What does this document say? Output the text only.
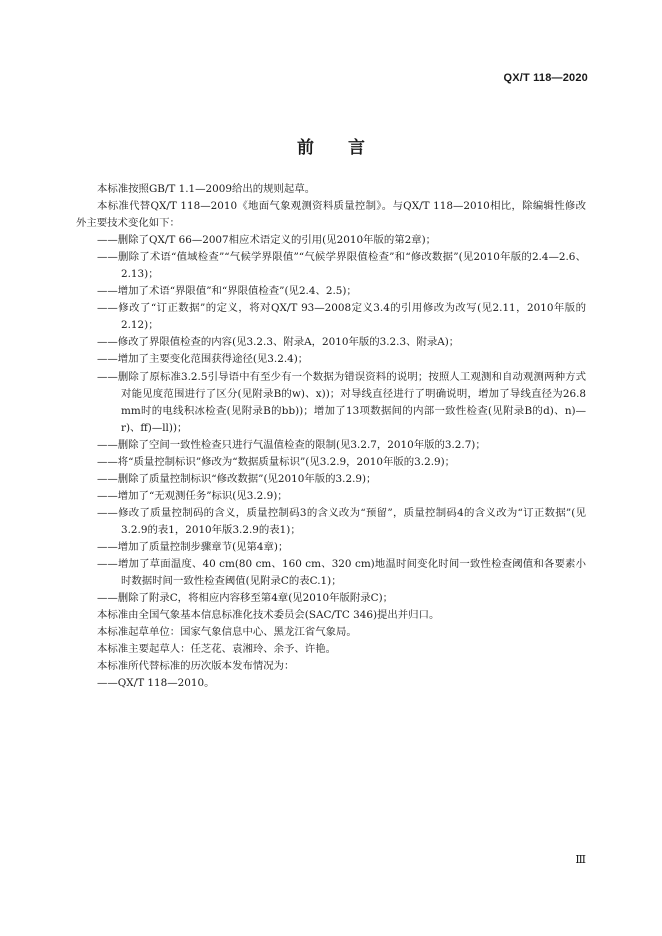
QX/T 118—2020
前言

本标准按照GB/T 1.1—2009给出的规则起草。

本标准代替QX/T 118—2010《地面气象观测资料质量控制》。与QX/T 118—2010相比，除编辑性修改外主要技术变化如下：

——删除了QX/T 66—2007相应术语定义的引用(见2010年版的第2章)；

——删除了术语“值域检查”“气候学界限值”“气候学界限值检查”和“修改数据”(见2010年版的2.4—2.6、2.13)；

——增加了术语“界限值”和“界限值检查”(见2.4、2.5)；

——修改了“订正数据”的定义，将对QX/T 93—2008定义3.4的引用修改为改写(见2.11，2010年版的2.12)；

——修改了界限值检查的内容(见3.2.3、附录A，2010年版的3.2.3、附录A)；

——增加了主要变化范围获得途径(见3.2.4)；

——删除了原标准3.2.5引导语中有至少有一个数据为错误资料的说明；按照人工观测和自动观测两种方式对能见度范围进行了区分(见附录B的w)、x))；对导线直径进行了明确说明，增加了导线直径为26.8 mm时的电线积冰检查(见附录B的bb))；增加了13项数据间的内部一致性检查(见附录B的d)、n)—r)、ff)—ll))；

——删除了空间一致性检查只进行气温值检查的限制(见3.2.7，2010年版的3.2.7)；

——将“质量控制标识”修改为“数据质量标识”(见3.2.9，2010年版的3.2.9)；

——删除了质量控制标识“修改数据”(见2010年版的3.2.9)；

——增加了“无观测任务”标识(见3.2.9)；

——修改了质量控制码的含义，质量控制码3的含义改为“预留”，质量控制码4的含义改为“订正数据”(见3.2.9的表1，2010年版3.2.9的表1)；

——增加了质量控制步骤章节(见第4章)；

——增加了草面温度、40 cm(80 cm、160 cm、320 cm)地温时间变化时间一致性检查阈值和各要素小时数据时间一致性检查阈值(见附录C的表C.1)；

——删除了附录C，将相应内容移至第4章(见2010年版附录C)；

本标准由全国气象基本信息标准化技术委员会(SAC/TC 346)提出并归口。

本标准起草单位：国家气象信息中心、黑龙江省气象局。

本标准主要起草人：任芝花、袁湘玲、余予、许艳。

本标准所代替标准的历次版本发布情况为：

——QX/T 118—2010。

Ⅲ
